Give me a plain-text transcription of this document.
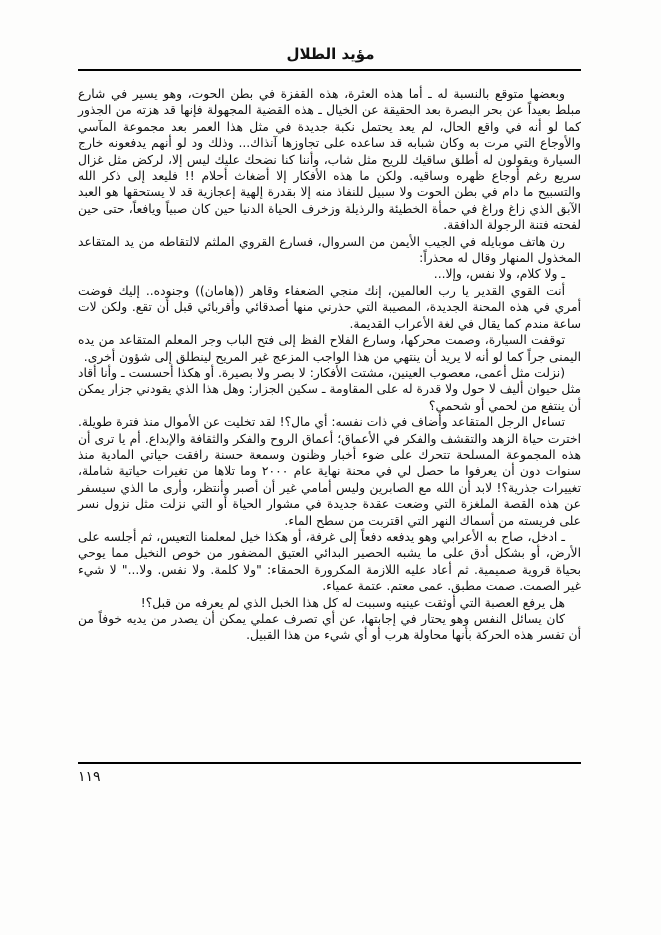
مؤيد الطلال

وبعضها متوقع بالنسبة له ـ أما هذه العثرة، هذه القفزة في بطن الحوت، وهو يسير في شارع مبلط بعيداً عن بحر البصرة بعد الحقيقة عن الخيال ـ هذه القضية المجهولة فإنها قد هزته من الجذور كما لو أنه في واقع الحال، لم يعد يحتمل نكبة جديدة في مثل هذا العمر بعد مجموعة المآسي والأوجاع التي مرت به وكان شبابه قد ساعده على تجاوزها آنذاك... وذلك ود لو أنهم يدفعونه خارج السيارة ويقولون له أطلق ساقيك للريح مثل شاب، وأننا كنا نضحك عليك ليس إلا، لركض مثل غزال سريع رغم أوجاع ظهره وساقيه. ولكن ما هذه الأفكار إلا أضغاث أحلام !! فليعد إلى ذكر الله والتسبيح ما دام في بطن الحوت ولا سبيل للنفاذ منه إلا بقدرة إلهية إعجازية قد لا يستحقها هو العبد الآبق الذي زاغ وراغ في حمأة الخطيئة والرذيلة وزخرف الحياة الدنيا حين كان صبياً ويافعاً، حتى حين لفحته فتنة الرجولة الدافقة.

رن هاتف موبايله في الجيب الأيمن من السروال، فسارع القروي الملثم لالتقاطه من يد المتقاعد المخذول المنهار وقال له محذراً:

ـ ولا كلام، ولا نفس، وإلا...

أنت القوي القدير يا رب العالمين، إنك منجي الضعفاء وقاهر ((هامان)) وجنوده.. إليك فوضت أمري في هذه المحنة الجديدة، المصيبة التي حذرني منها أصدقائي وأقربائي قبل أن تقع. ولكن لات ساعة مندم كما يقال في لغة الأعراب القديمة.

توقفت السيارة، وصمت محركها، وسارع الفلاح الفظ إلى فتح الباب وجر المعلم المتقاعد من يده اليمنى جراً كما لو أنه لا يريد أن ينتهي من هذا الواجب المزعج غير المريح لينطلق إلى شؤون أخرى.

(نزلت مثل أعمى، معصوب العينين، مشتت الأفكار: لا بصر ولا بصيرة. أو هكذا أحسست ـ وأنا أقاد مثل حيوان أليف لا حول ولا قدرة له على المقاومة ـ سكين الجزار: وهل هذا الذي يقودني جزار يمكن أن ينتفع من لحمي أو شحمي؟

تساءل الرجل المتقاعد وأضاف في ذات نفسه: أي مال؟! لقد تخليت عن الأموال منذ فترة طويلة. اخترت حياة الزهد والتقشف والفكر في الأعماق؛ أعماق الروح والفكر والثقافة والإبداع. أم يا ترى أن هذه المجموعة المسلحة تتحرك على ضوء أخبار وظنون وسمعة حسنة رافقت حياتي المادية منذ سنوات دون أن يعرفوا ما حصل لي في محنة نهاية عام ٢٠٠٠ وما تلاها من تغيرات حياتية شاملة، تغييرات جذرية؟! لابد أن الله مع الصابرين وليس أمامي غير أن أصبر وأنتظر، وأرى ما الذي سيسفر عن هذه القصة الملغزة التي وضعت عقدة جديدة في مشوار الحياة أو التي نزلت مثل نزول نسر على فريسته من أسماك النهر التي اقتربت من سطح الماء.

ـ ادخل، صاح به الأعرابي وهو يدفعه دفعاً إلى غرفة، أو هكذا خيل لمعلمنا التعيس، ثم أجلسه على الأرض، أو بشكل أدق على ما يشبه الحصير البدائي العتيق المضفور من خوص النخيل مما يوحي بحياة قروية صميمية. ثم أعاد عليه اللازمة المكرورة الحمقاء: "ولا كلمة. ولا نفس. ولا..." لا شيء غير الصمت. صمت مطبق. عمى معتم. عتمة عمياء.

هل يرفع العصبة التي أوثقت عينيه وسببت له كل هذا الخبل الذي لم يعرفه من قبل؟!

كان يسائل النفس وهو يحتار في إجابتها، عن أي تصرف عملي يمكن أن يصدر من يديه خوفاً من أن تفسر هذه الحركة بأنها محاولة هرب أو أي شيء من هذا القبيل.

١١٩
